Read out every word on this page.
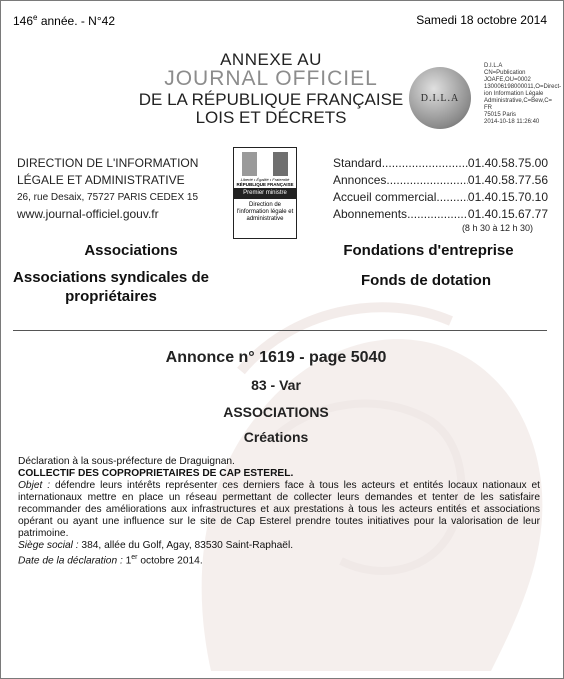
146e année. - N°42	Samedi 18 octobre 2014
ANNEXE AU
JOURNAL OFFICIEL
DE LA RÉPUBLIQUE FRANÇAISE
LOIS ET DÉCRETS
D.I.L.A
D.I.L.A
CN=Publication
JOAFE,OU=0002
130006198000011,O=Direct-
ion Information Légale
Administrative,C=Bew,C=
FR
75015 Paris
2014-10-18 11:26:40
DIRECTION DE L'INFORMATION
LÉGALE ET ADMINISTRATIVE
26, rue Desaix, 75727 PARIS CEDEX 15
www.journal-officiel.gouv.fr
Liberté • Égalité • Fraternité
RÉPUBLIQUE FRANÇAISE
Premier ministre
Direction de l'information légale et administrative
Standard .....	01.40.58.75.00
Annonces .....	01.40.58.77.56
Accueil commercial .....	01.40.15.70.10
Abonnements .....	01.40.15.67.77
(8 h 30 à 12 h 30)
Associations
Associations syndicales de propriétaires
Fondations d'entreprise
Fonds de dotation
Annonce n° 1619 - page 5040
83 - Var
ASSOCIATIONS
Créations
Déclaration à la sous-préfecture de Draguignan.
COLLECTIF DES COPROPRIETAIRES DE CAP ESTEREL.
Objet : défendre leurs intérêts représenter ces derniers face à tous les acteurs et entités locaux nationaux et internationaux mettre en place un réseau permettant de collecter leurs demandes et tenter de les satisfaire recommander des améliorations aux infrastructures et aux prestations à tous les acteurs entités et associations opérant ou ayant une influence sur le site de Cap Esterel prendre toutes initiatives pour la valorisation de leur patrimoine.
Siège social : 384, allée du Golf, Agay, 83530 Saint-Raphaël.
Date de la déclaration : 1er octobre 2014.
